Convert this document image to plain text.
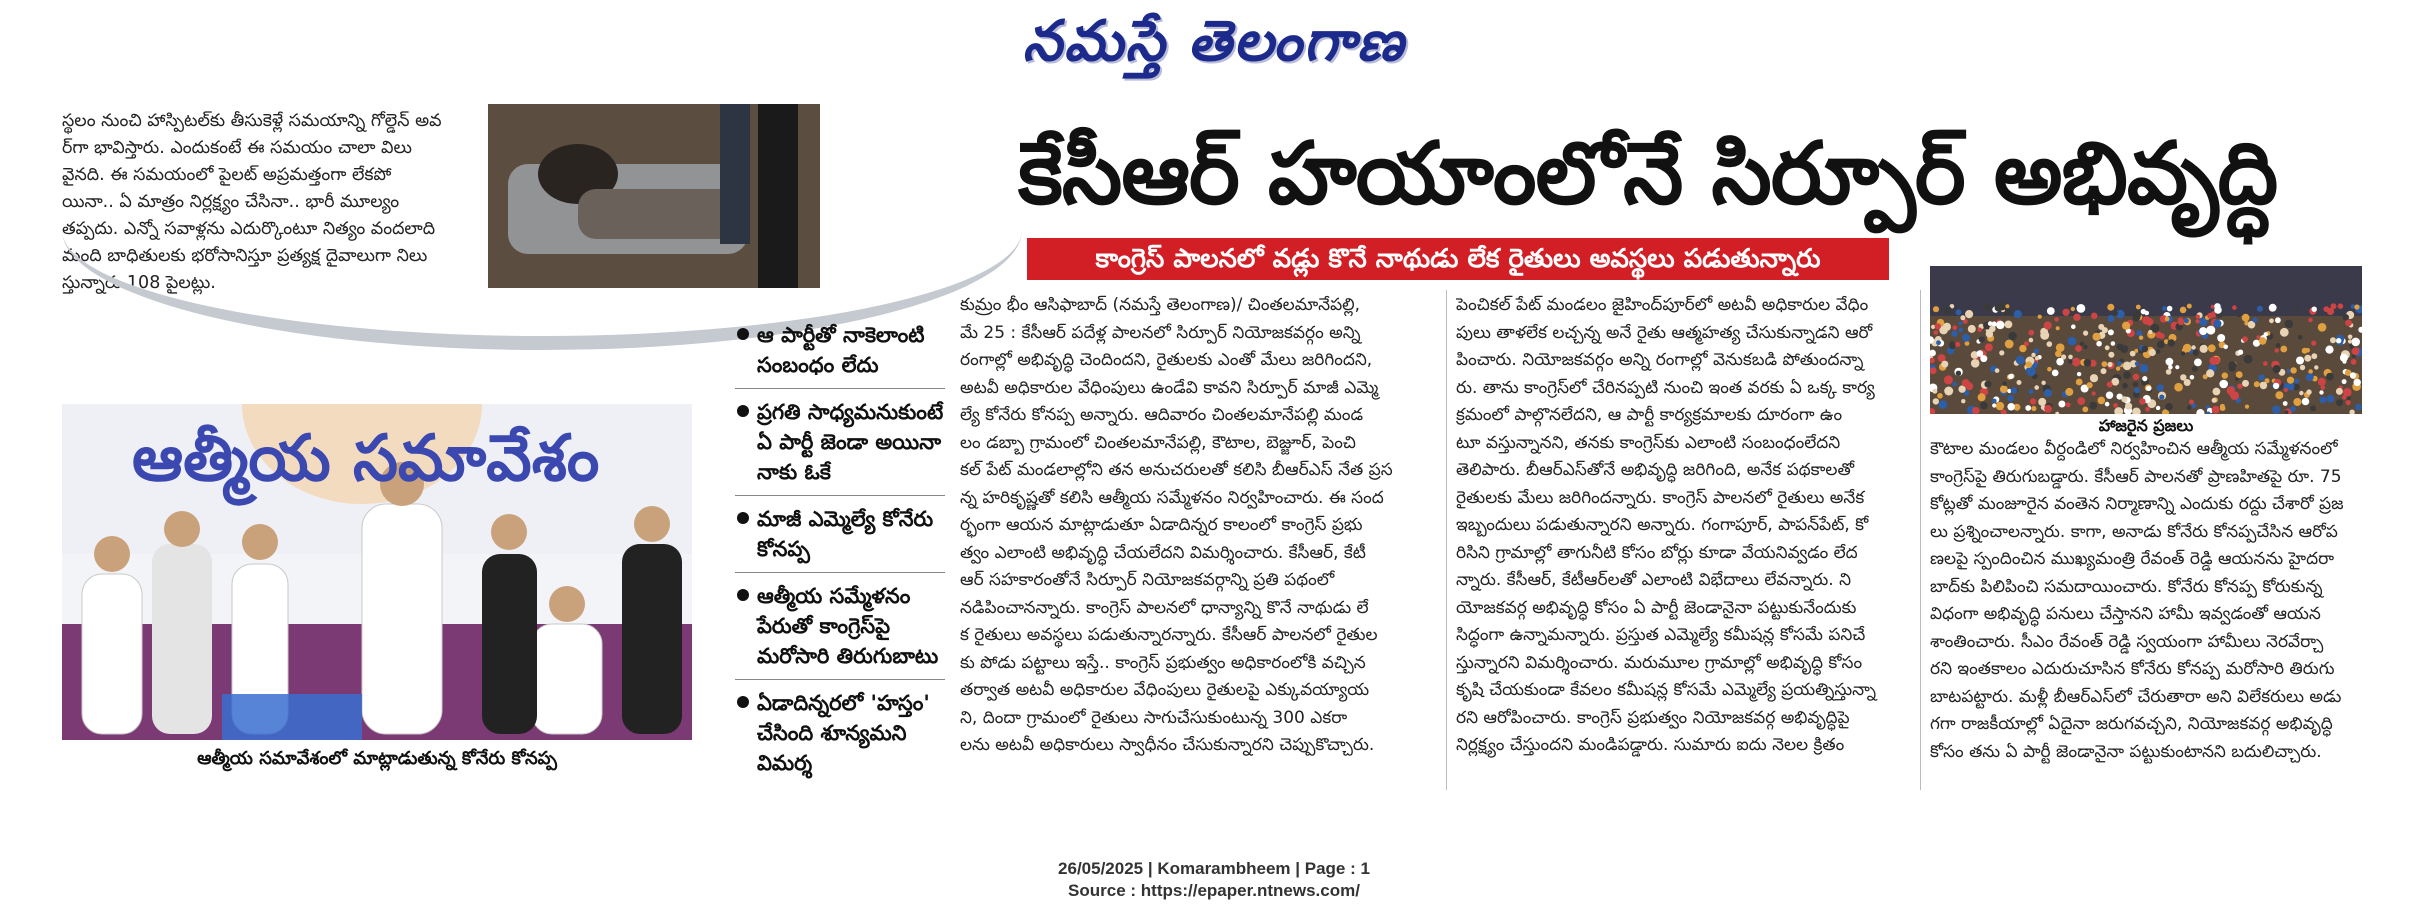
నమస్తే తెలంగాణ
స్థలం నుంచి హాస్పిటల్‌కు తీసుకెళ్లే సమయాన్ని గోల్డెన్ అవ
ర్‌గా భావిస్తారు. ఎందుకంటే ఈ సమయం చాలా విలు
వైనది. ఈ సమయంలో పైలట్ అప్రమత్తంగా లేకపో
యినా.. ఏ మాత్రం నిర్లక్ష్యం చేసినా.. భారీ మూల్యం
తప్పదు. ఎన్నో సవాళ్లను ఎదుర్కొంటూ నిత్యం వందలాది
మంది బాధితులకు భరోసానిస్తూ ప్రత్యక్ష దైవాలుగా నిలు
స్తున్నారు 108 పైలట్లు.
కేసీఆర్ హయాంలోనే సిర్పూర్ అభివృద్ధి
కాంగ్రెస్ పాలనలో వడ్లు కొనే నాథుడు లేక రైతులు అవస్థలు పడుతున్నారు
ఆత్మీయ సమావేశం
ఆత్మీయ సమావేశంలో మాట్లాడుతున్న కోనేరు కోనప్ప
ఆ పార్టీతో నాకెలాంటి సంబంధం లేదు
ప్రగతి సాధ్యమనుకుంటే ఏ పార్టీ జెండా అయినా నాకు ఓకే
మాజీ ఎమ్మెల్యే కోనేరు కోనప్ప
ఆత్మీయ సమ్మేళనం పేరుతో కాంగ్రెస్‌పై మరోసారి తిరుగుబాటు
ఏడాదిన్నరలో 'హస్తం' చేసింది శూన్యమని విమర్శ
కుమ్రం భీం ఆసిఫాబాద్ (నమస్తే తెలంగాణ)/ చింతలమానేపల్లి,
మే 25 : కేసీఆర్ పదేళ్ల పాలనలో సిర్పూర్ నియోజకవర్గం అన్ని
రంగాల్లో అభివృద్ధి చెందిందని, రైతులకు ఎంతో మేలు జరిగిందని,
అటవీ అధికారుల వేధింపులు ఉండేవి కావని సిర్పూర్ మాజీ ఎమ్మె
ల్యే కోనేరు కోనప్ప అన్నారు. ఆదివారం చింతలమానేపల్లి మండ
లం డబ్బా గ్రామంలో చింతలమానేపల్లి, కౌటాల, బెజ్జూర్, పెంచి
కల్ పేట్ మండలాల్లోని తన అనుచరులతో కలిసి బీఆర్ఎస్ నేత ప్రస
న్న హరికృష్ణతో కలిసి ఆత్మీయ సమ్మేళనం నిర్వహించారు. ఈ సంద
ర్భంగా ఆయన మాట్లాడుతూ ఏడాదిన్నర కాలంలో కాంగ్రెస్ ప్రభు
త్వం ఎలాంటి అభివృద్ధి చేయలేదని విమర్శించారు. కేసీఆర్, కేటీ
ఆర్ సహకారంతోనే సిర్పూర్ నియోజకవర్గాన్ని ప్రతి పథంలో
నడిపించానన్నారు. కాంగ్రెస్ పాలనలో ధాన్యాన్ని కొనే నాథుడు లే
క రైతులు అవస్థలు పడుతున్నారన్నారు. కేసీఆర్ పాలనలో రైతుల
కు పోడు పట్టాలు ఇస్తే.. కాంగ్రెస్ ప్రభుత్వం అధికారంలోకి వచ్చిన
తర్వాత అటవీ అధికారుల వేధింపులు రైతులపై ఎక్కువయ్యాయ
ని, దిందా గ్రామంలో రైతులు సాగుచేసుకుంటున్న 300 ఎకరా
లను అటవీ అధికారులు స్వాధీనం చేసుకున్నారని చెప్పుకొచ్చారు.
పెంచికల్ పేట్ మండలం జైహింద్‌పూర్‌లో అటవీ అధికారుల వేధిం
పులు తాళలేక లచ్చన్న అనే రైతు ఆత్మహత్య చేసుకున్నాడని ఆరో
పించారు. నియోజకవర్గం అన్ని రంగాల్లో వెనుకబడి పోతుందన్నా
రు. తాను కాంగ్రెస్‌లో చేరినప్పటి నుంచి ఇంత వరకు ఏ ఒక్క కార్య
క్రమంలో పాల్గొనలేదని, ఆ పార్టీ కార్యక్రమాలకు దూరంగా ఉం
టూ వస్తున్నానని, తనకు కాంగ్రెస్‌కు ఎలాంటి సంబంధంలేదని
తెలిపారు. బీఆర్ఎస్‌తోనే అభివృద్ధి జరిగింది, అనేక పథకాలతో
రైతులకు మేలు జరిగిందన్నారు. కాంగ్రెస్ పాలనలో రైతులు అనేక
ఇబ్బందులు పడుతున్నారని అన్నారు. గంగాపూర్, పాపన్‌పేట్, కో
రిసిని గ్రామాల్లో తాగునీటి కోసం బోర్లు కూడా వేయనివ్వడం లేద
న్నారు. కేసీఆర్, కేటీఆర్‌లతో ఎలాంటి విభేదాలు లేవన్నారు. ని
యోజకవర్గ అభివృద్ధి కోసం ఏ పార్టీ జెండానైనా పట్టుకునేందుకు
సిద్ధంగా ఉన్నామన్నారు. ప్రస్తుత ఎమ్మెల్యే కమీషన్ల కోసమే పనిచే
స్తున్నారని విమర్శించారు. మరుమూల గ్రామాల్లో అభివృద్ధి కోసం
కృషి చేయకుండా కేవలం కమీషన్ల కోసమే ఎమ్మెల్యే ప్రయత్నిస్తున్నా
రని ఆరోపించారు. కాంగ్రెస్ ప్రభుత్వం నియోజకవర్గ అభివృద్ధిపై
నిర్లక్ష్యం చేస్తుందని మండిపడ్డారు. సుమారు ఐదు నెలల క్రితం
హాజరైన ప్రజలు
కౌటాల మండలం వీర్దండిలో నిర్వహించిన ఆత్మీయ సమ్మేళనంలో
కాంగ్రెస్‌పై తిరుగుబడ్డారు. కేసీఆర్ పాలనతో ప్రాణహితపై రూ. 75
కోట్లతో మంజూరైన వంతెన నిర్మాణాన్ని ఎందుకు రద్దు చేశారో ప్రజ
లు ప్రశ్నించాలన్నారు. కాగా, అనాడు కోనేరు కోనప్పచేసిన ఆరోప
ణలపై స్పందించిన ముఖ్యమంత్రి రేవంత్ రెడ్డి ఆయనను హైదరా
బాద్‌కు పిలిపించి సమదాయించారు. కోనేరు కోనప్ప కోరుకున్న
విధంగా అభివృద్ధి పనులు చేస్తానని హామీ ఇవ్వడంతో ఆయన
శాంతించారు. సీఎం రేవంత్ రెడ్డి స్వయంగా హామీలు నెరవేర్చా
రని ఇంతకాలం ఎదురుచూసిన కోనేరు కోనప్ప మరోసారి తిరుగు
బాటపట్టారు. మళ్లీ బీఆర్ఎస్‌లో చేరుతారా అని విలేకరులు అడు
గగా రాజకీయాల్లో ఏదైనా జరుగవచ్చని, నియోజకవర్గ అభివృద్ధి
కోసం తను ఏ పార్టీ జెండానైనా పట్టుకుంటానని బదులిచ్చారు.
26/05/2025 | Komarambheem | Page : 1
Source : https://epaper.ntnews.com/
